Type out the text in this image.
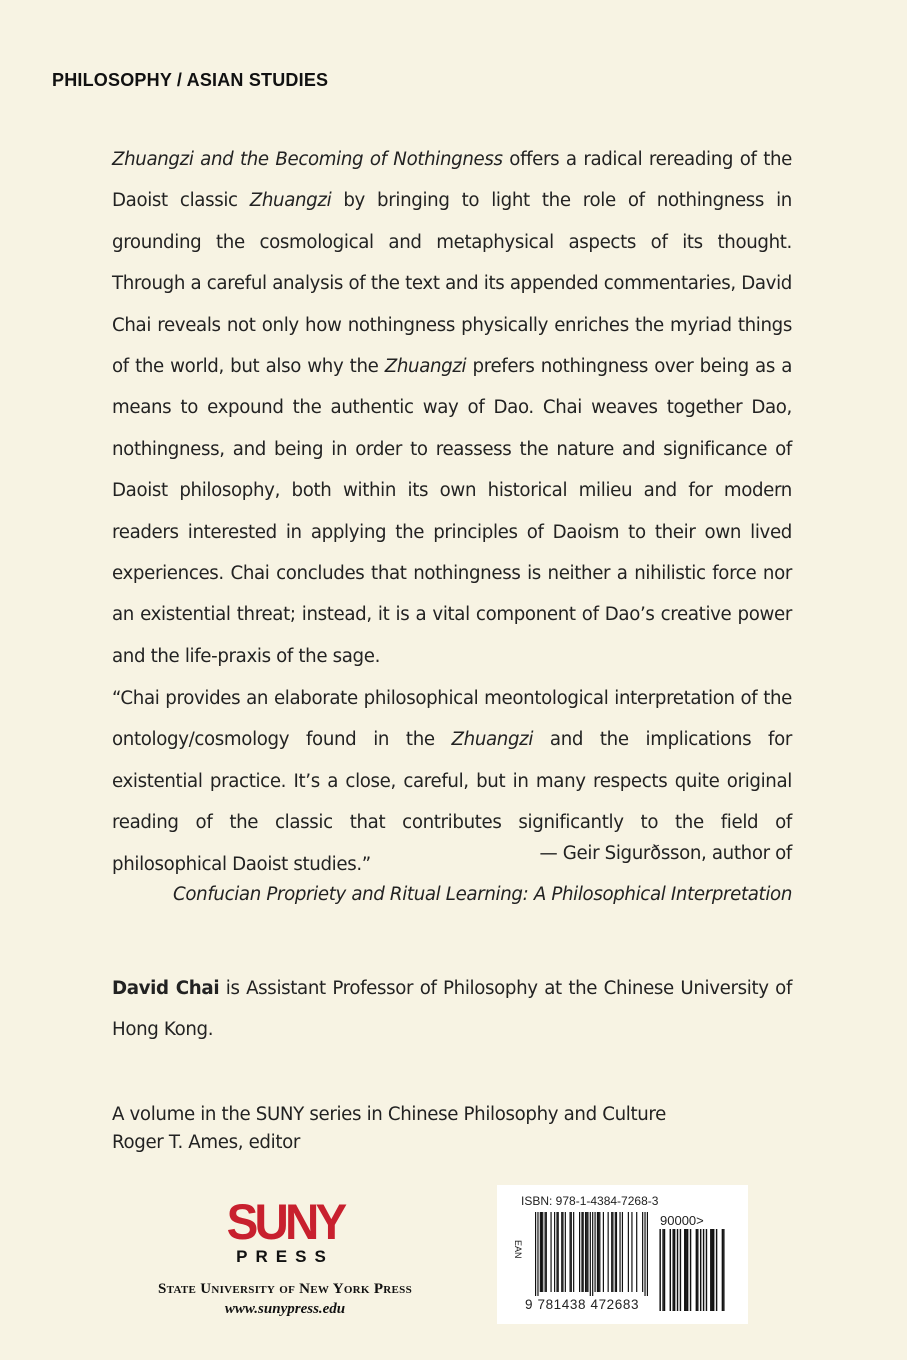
PHILOSOPHY / ASIAN STUDIES
Zhuangzi and the Becoming of Nothingness offers a radical rereading of the Daoist classic Zhuangzi by bringing to light the role of nothingness in grounding the cosmological and metaphysical aspects of its thought. Through a careful analysis of the text and its appended commentaries, David Chai reveals not only how nothingness physically enriches the myriad things of the world, but also why the Zhuangzi prefers nothingness over being as a means to expound the authentic way of Dao. Chai weaves together Dao, nothingness, and being in order to reassess the nature and significance of Daoist philosophy, both within its own historical milieu and for modern readers interested in applying the principles of Daoism to their own lived experiences. Chai concludes that nothingness is neither a nihilistic force nor an existential threat; instead, it is a vital component of Dao’s creative power and the life-praxis of the sage.
“Chai provides an elaborate philosophical meontological interpretation of the ontology/cosmology found in the Zhuangzi and the implications for existential practice. It’s a close, careful, but in many respects quite original reading of the classic that contributes significantly to the field of philosophical Daoist studies.”
— Geir Sigurðsson, author of
Confucian Propriety and Ritual Learning: A Philosophical Interpretation
David Chai is Assistant Professor of Philosophy at the Chinese University of Hong Kong.
A volume in the SUNY series in Chinese Philosophy and Culture
Roger T. Ames, editor
SUNY
PRESS
State University of New York Press
www.sunypress.edu
ISBN: 978-1-4384-7268-3
90000>
EAN
9 781438 472683
